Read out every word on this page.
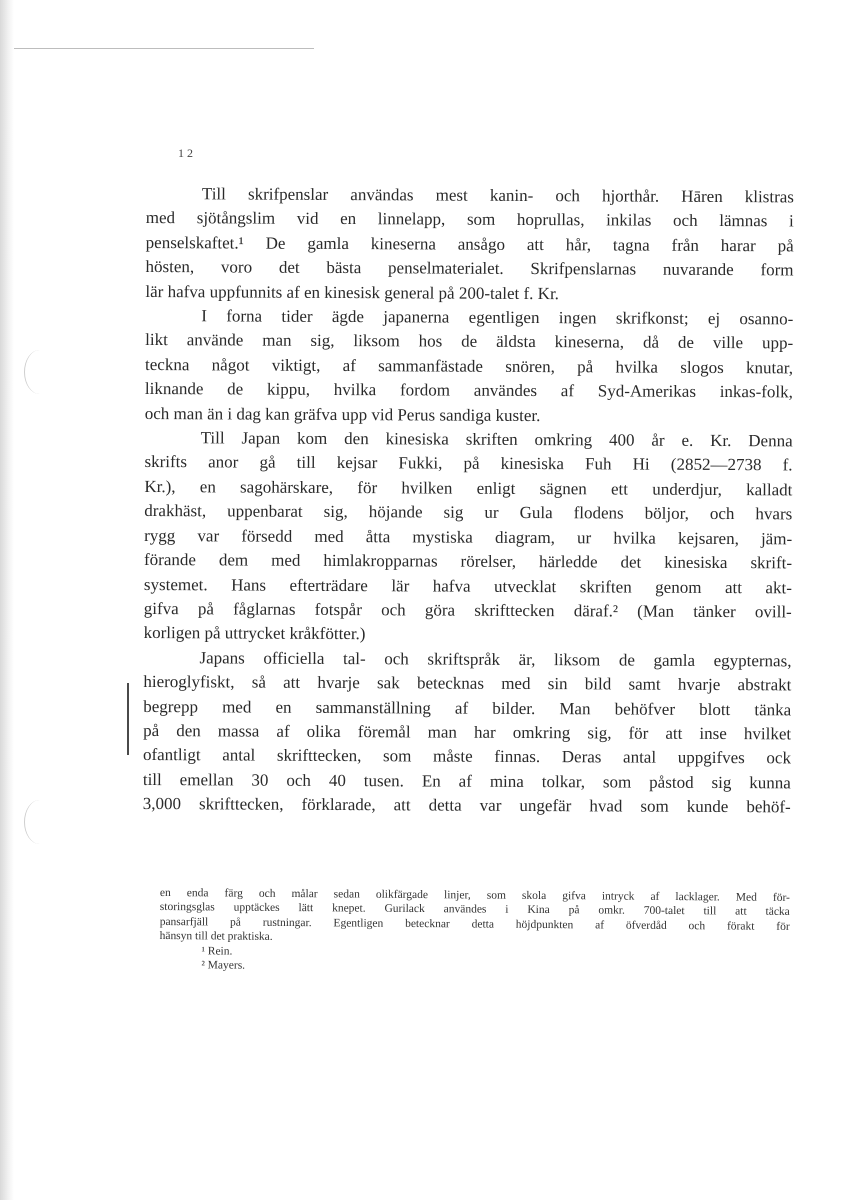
12
Till skrifpenslar användas mest kanin- och hjorthår. Hāren klistras
med sjötångslim vid en linnelapp, som hoprullas, inkilas och lämnas i
penselskaftet.¹ De gamla kineserna ansågo att hår, tagna från harar på
hösten, voro det bästa penselmaterialet. Skrifpenslarnas nuvarande form
lär hafva uppfunnits af en kinesisk general på 200-talet f. Kr.
I forna tider ägde japanerna egentligen ingen skrifkonst; ej osanno-
likt använde man sig, liksom hos de äldsta kineserna, då de ville upp-
teckna något viktigt, af sammanfästade snören, på hvilka slogos knutar,
liknande de kippu, hvilka fordom användes af Syd-Amerikas inkas-folk,
och man än i dag kan gräfva upp vid Perus sandiga kuster.
Till Japan kom den kinesiska skriften omkring 400 år e. Kr. Denna
skrifts anor gå till kejsar Fukki, på kinesiska Fuh Hi (2852—2738 f.
Kr.), en sagohärskare, för hvilken enligt sägnen ett underdjur, kalladt
drakhäst, uppenbarat sig, höjande sig ur Gula flodens böljor, och hvars
rygg var försedd med åtta mystiska diagram, ur hvilka kejsaren, jäm-
förande dem med himlakropparnas rörelser, härledde det kinesiska skrift-
systemet. Hans efterträdare lär hafva utvecklat skriften genom att akt-
gifva på fåglarnas fotspår och göra skrifttecken däraf.² (Man tänker ovill-
korligen på uttrycket kråkfötter.)
Japans officiella tal- och skriftspråk är, liksom de gamla egypternas,
hieroglyfiskt, så att hvarje sak betecknas med sin bild samt hvarje abstrakt
begrepp med en sammanställning af bilder. Man behöfver blott tänka
på den massa af olika föremål man har omkring sig, för att inse hvilket
ofantligt antal skrifttecken, som måste finnas. Deras antal uppgifves ock
till emellan 30 och 40 tusen. En af mina tolkar, som påstod sig kunna
3,000 skrifttecken, förklarade, att detta var ungefär hvad som kunde behöf-
en enda färg och målar sedan olikfärgade linjer, som skola gifva intryck af lacklager. Med för-
storingsglas upptäckes lätt knepet. Gurilack användes i Kina på omkr. 700-talet till att täcka
pansarfjäll på rustningar. Egentligen betecknar detta höjdpunkten af öfverdåd och förakt för
hänsyn till det praktiska.
¹ Rein.
² Mayers.
